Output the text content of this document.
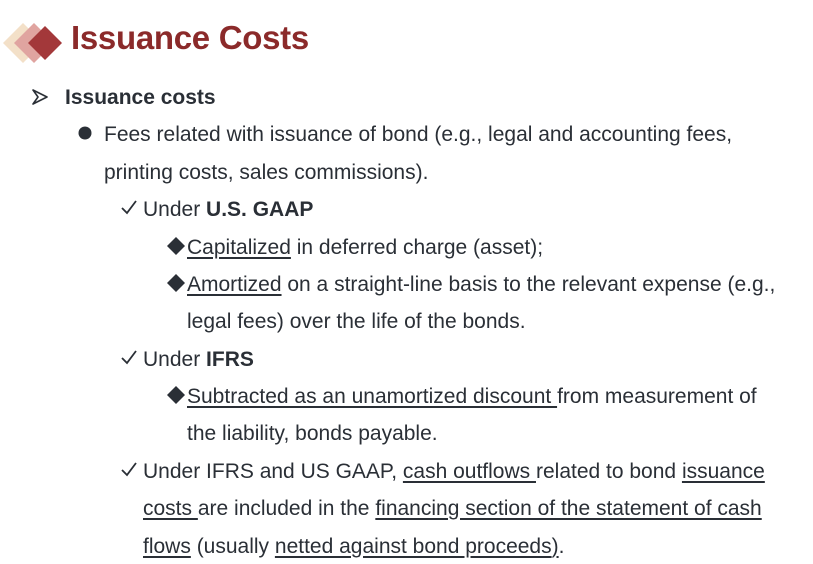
Issuance Costs
Issuance costs
Fees related with issuance of bond (e.g., legal and accounting fees,
printing costs, sales commissions).
Under U.S. GAAP
Capitalized in deferred charge (asset);
Amortized on a straight-line basis to the relevant expense (e.g.,
legal fees) over the life of the bonds.
Under IFRS
Subtracted as an unamortized discount from measurement of
the liability, bonds payable.
Under IFRS and US GAAP, cash outflows related to bond issuance
costs are included in the financing section of the statement of cash
flows (usually netted against bond proceeds).
